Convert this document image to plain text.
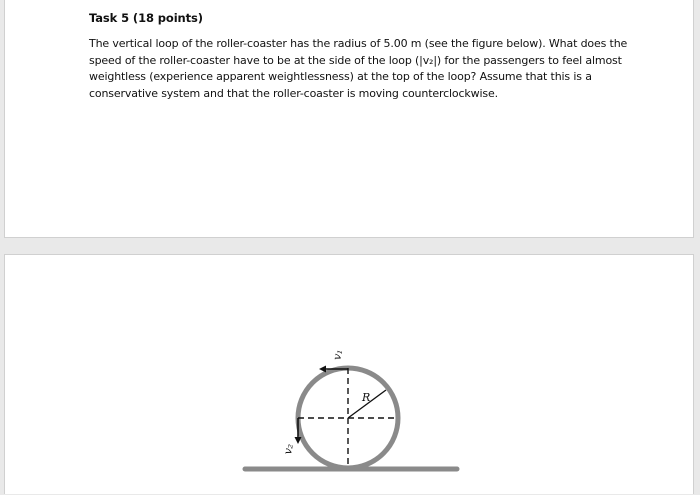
Task 5 (18 points)
The vertical loop of the roller-coaster has the radius of 5.00 m (see the figure below). What does the
speed of the roller-coaster have to be at the side of the loop (|v₂|) for the passengers to feel almost
weightless (experience apparent weightlessness) at the top of the loop? Assume that this is a
conservative system and that the roller-coaster is moving counterclockwise.
R
v₁
v₂
